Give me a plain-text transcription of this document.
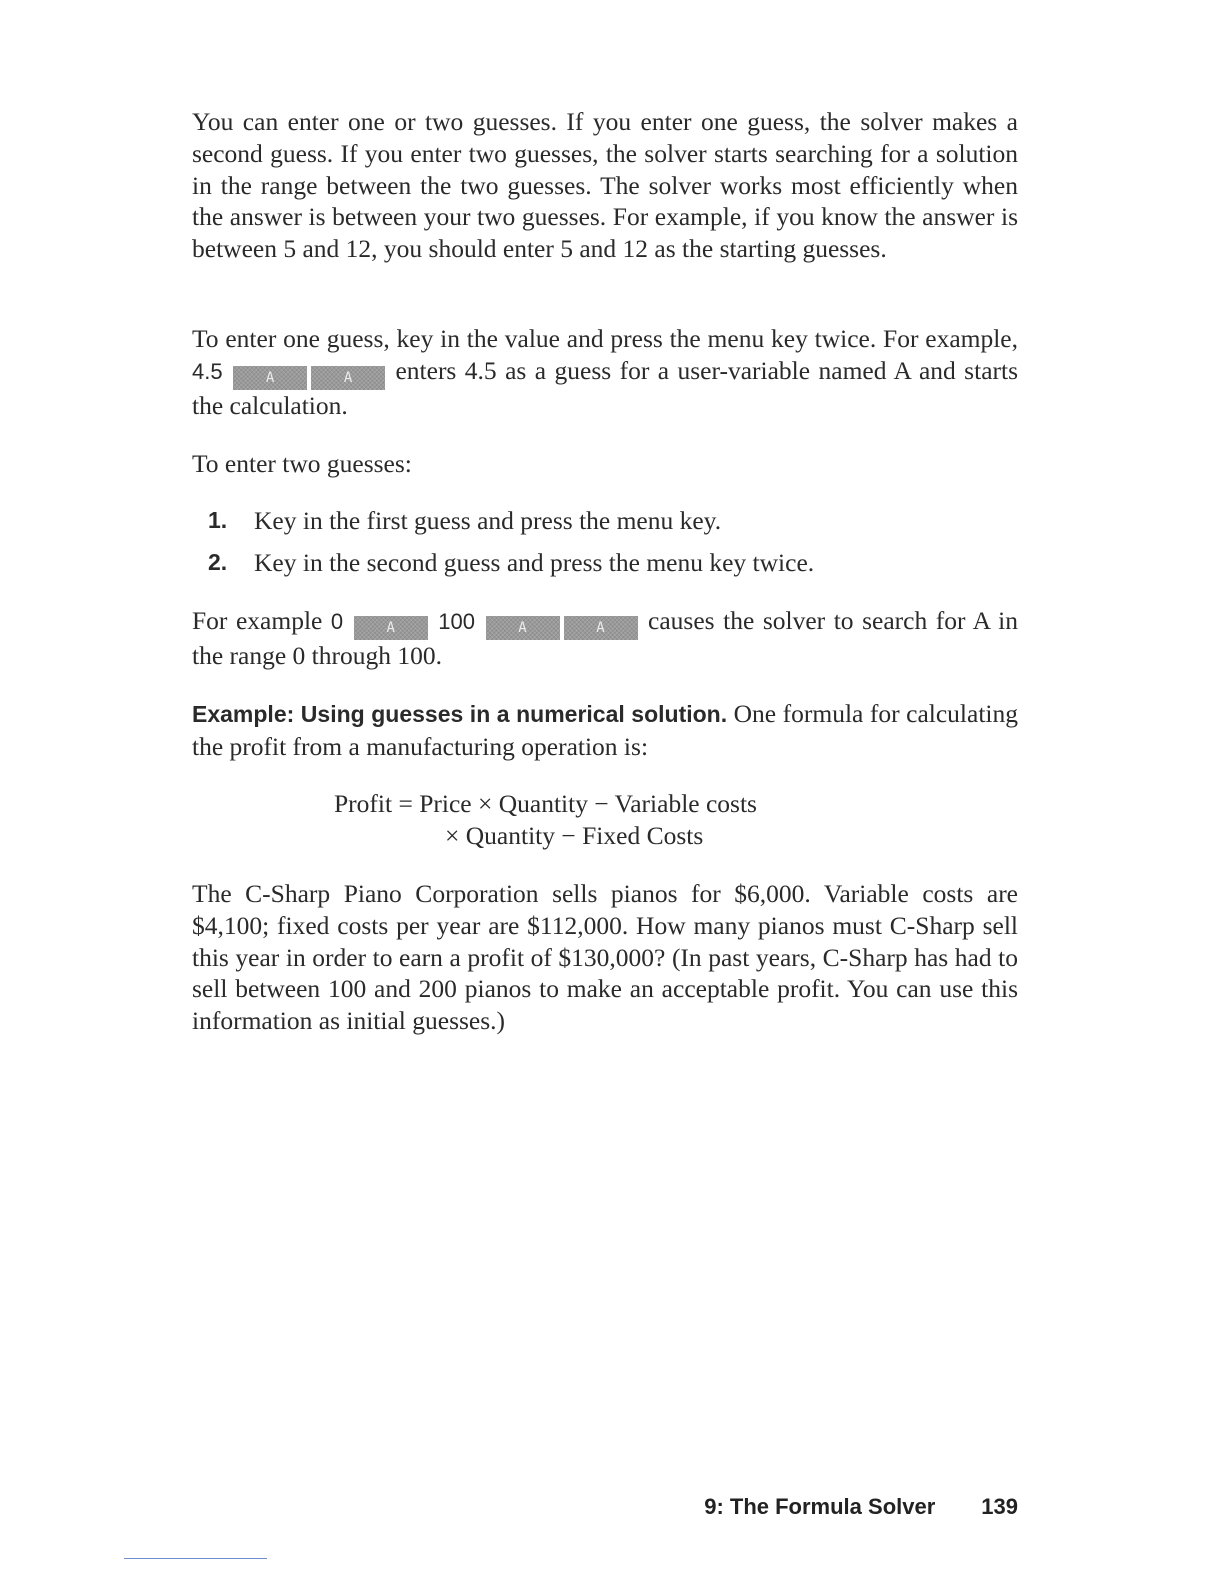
You can enter one or two guesses. If you enter one guess, the solver makes a second guess. If you enter two guesses, the solver starts searching for a solution in the range between the two guesses. The solver works most efficiently when the answer is between your two guesses. For example, if you know the answer is between 5 and 12, you should enter 5 and 12 as the starting guesses.

To enter one guess, key in the value and press the menu key twice. For example, 4.5	A	A enters 4.5 as a guess for a user-variable named A and starts the calculation.

To enter two guesses:

1. Key in the first guess and press the menu key.
2. Key in the second guess and press the menu key twice.

For example 0	A 100	A	A causes the solver to search for A in the range 0 through 100.

Example: Using guesses in a numerical solution. One formula for calculating the profit from a manufacturing operation is:

Profit = Price × Quantity − Variable costs
× Quantity − Fixed Costs

The C-Sharp Piano Corporation sells pianos for $6,000. Variable costs are $4,100; fixed costs per year are $112,000. How many pianos must C-Sharp sell this year in order to earn a profit of $130,000? (In past years, C-Sharp has had to sell between 100 and 200 pianos to make an acceptable profit. You can use this information as initial guesses.)

9: The Formula Solver 139
